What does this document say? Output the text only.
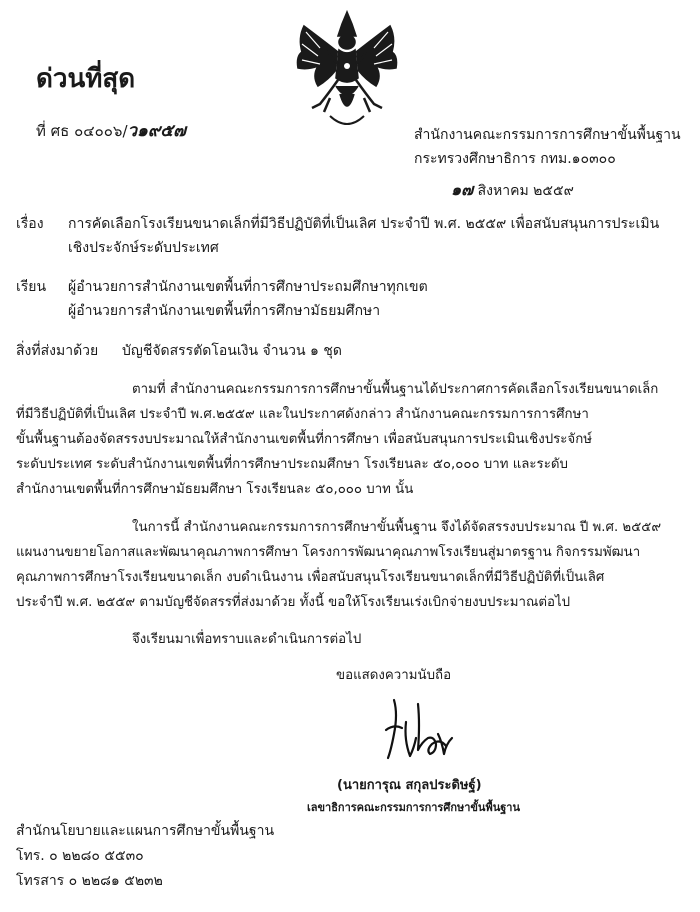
ด่วนที่สุด
ที่ ศธ ๐๔๐๐๖/ว๑๙๕๗	สำนักงานคณะกรรมการการศึกษาขั้นพื้นฐาน
กระทรวงศึกษาธิการ กทม.๑๐๓๐๐
๑๗ สิงหาคม ๒๕๕๙
เรื่อง การคัดเลือกโรงเรียนขนาดเล็กที่มีวิธีปฏิบัติที่เป็นเลิศ ประจำปี พ.ศ. ๒๕๕๙ เพื่อสนับสนุนการประเมิน
เชิงประจักษ์ระดับประเทศ
เรียน ผู้อำนวยการสำนักงานเขตพื้นที่การศึกษาประถมศึกษาทุกเขต
ผู้อำนวยการสำนักงานเขตพื้นที่การศึกษามัธยมศึกษา
สิ่งที่ส่งมาด้วย บัญชีจัดสรรตัดโอนเงิน จำนวน ๑ ชุด
ตามที่ สำนักงานคณะกรรมการการศึกษาขั้นพื้นฐานได้ประกาศการคัดเลือกโรงเรียนขนาดเล็ก
ที่มีวิธีปฏิบัติที่เป็นเลิศ ประจำปี พ.ศ.๒๕๕๙ และในประกาศดังกล่าว สำนักงานคณะกรรมการการศึกษา
ขั้นพื้นฐานต้องจัดสรรงบประมาณให้สำนักงานเขตพื้นที่การศึกษา เพื่อสนับสนุนการประเมินเชิงประจักษ์
ระดับประเทศ ระดับสำนักงานเขตพื้นที่การศึกษาประถมศึกษา โรงเรียนละ ๕๐,๐๐๐ บาท และระดับ
สำนักงานเขตพื้นที่การศึกษามัธยมศึกษา โรงเรียนละ ๕๐,๐๐๐ บาท นั้น
ในการนี้ สำนักงานคณะกรรมการการศึกษาขั้นพื้นฐาน จึงได้จัดสรรงบประมาณ ปี พ.ศ. ๒๕๕๙
แผนงานขยายโอกาสและพัฒนาคุณภาพการศึกษา โครงการพัฒนาคุณภาพโรงเรียนสู่มาตรฐาน กิจกรรมพัฒนา
คุณภาพการศึกษาโรงเรียนขนาดเล็ก งบดำเนินงาน เพื่อสนับสนุนโรงเรียนขนาดเล็กที่มีวิธีปฏิบัติที่เป็นเลิศ
ประจำปี พ.ศ. ๒๕๕๙ ตามบัญชีจัดสรรที่ส่งมาด้วย ทั้งนี้ ขอให้โรงเรียนเร่งเบิกจ่ายงบประมาณต่อไป
จึงเรียนมาเพื่อทราบและดำเนินการต่อไป
ขอแสดงความนับถือ
(นายการุณ สกุลประดิษฐ์)
เลขาธิการคณะกรรมการการศึกษาขั้นพื้นฐาน
สำนักนโยบายและแผนการศึกษาขั้นพื้นฐาน
โทร. ๐ ๒๒๘๐ ๕๕๓๐
โทรสาร ๐ ๒๒๘๑ ๕๒๓๒
